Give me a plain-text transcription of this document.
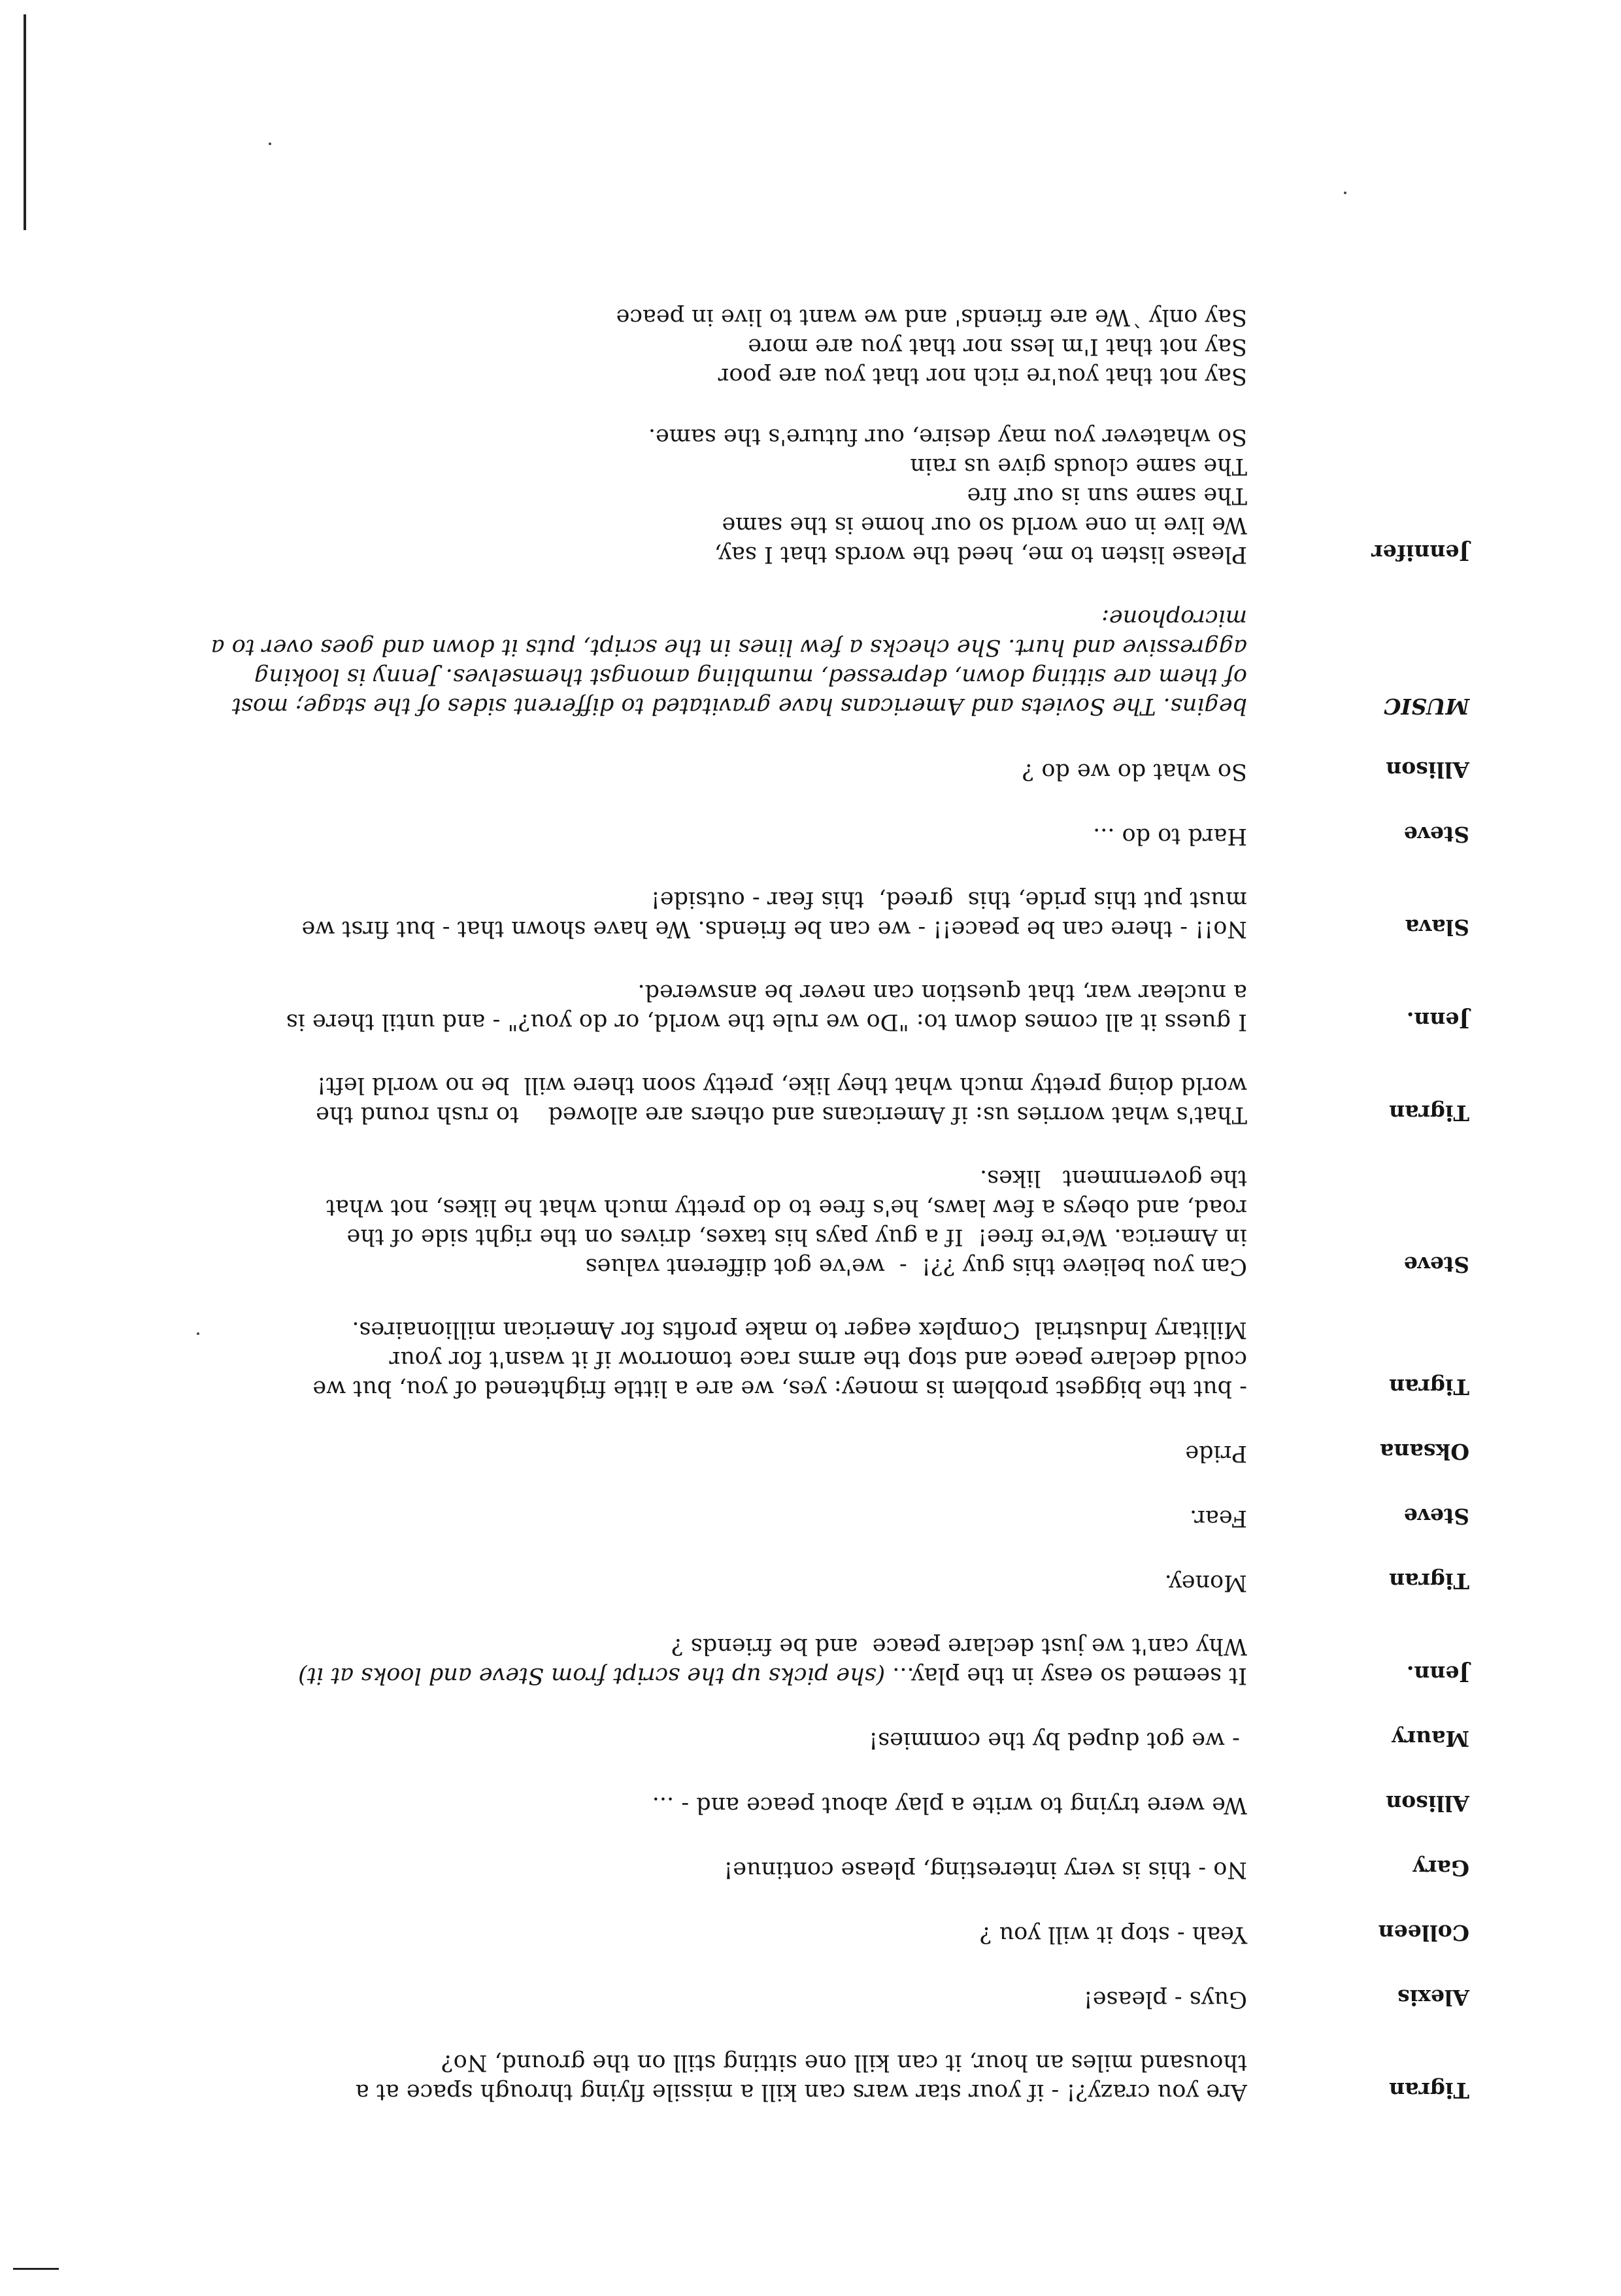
Tigran
Are you crazy?! - if your star wars can kill a missile flying through space at a
thousand miles an hour, it can kill one sitting still on the ground, No?
Alexis
Guys - please!
Colleen
Yeah - stop it will you ?
Gary
No - this is very interesting, please continue!
Allison
We were trying to write a play about peace and - ...
Maury
- we got duped by the commies!
Jenn.
It seemed so easy in the play... (she picks up the script from Steve and looks at it)
Why can't we just declare peace  and be friends ?
Tigran
Money.
Steve
Fear.
Oksana
Pride
Tigran
- but the biggest problem is money: yes, we are a little frightened of you, but we
could declare peace and stop the arms race tomorrow if it wasn't for your
Military Industrial  Complex eager to make profits for American millionaires.
Steve
Can you believe this guy ??!  -  we've got different values
in America. We're free!  If a guy pays his taxes, drives on the right side of the
road, and obeys a few laws, he's free to do pretty much what he likes, not what
the government   likes.
Tigran
That's what worries us: if Americans and others are allowed    to rush round the
world doing pretty much what they like, pretty soon there will  be no world left!
Jenn.
I guess it all comes down to: "Do we rule the world, or do you?" - and until there is
a nuclear war, that question can never be answered.
Slava
No!! - there can be peace!! - we can be friends. We have shown that - but first we
must put this pride, this  greed,  this fear - outside!
Steve
Hard to do ...
Allison
So what do we do ?
MUSICbegins. The Soviets and Americans have gravitated to different sides of the stage; most
of them are sitting down, depressed, mumbling amongst themselves. Jenny is looking
aggressive and hurt. She checks a few lines in the script, puts it down and goes over to a
microphone:
Jennifer
Please listen to me, heed the words that I say,
We live in one world so our home is the same
The same sun is our fire
The same clouds give us rain
So whatever you may desire, our future's the same.
Say not that you're rich nor that you are poor
Say not that I'm less nor that you are more
Say only `We are friends' and we want to live in peace
